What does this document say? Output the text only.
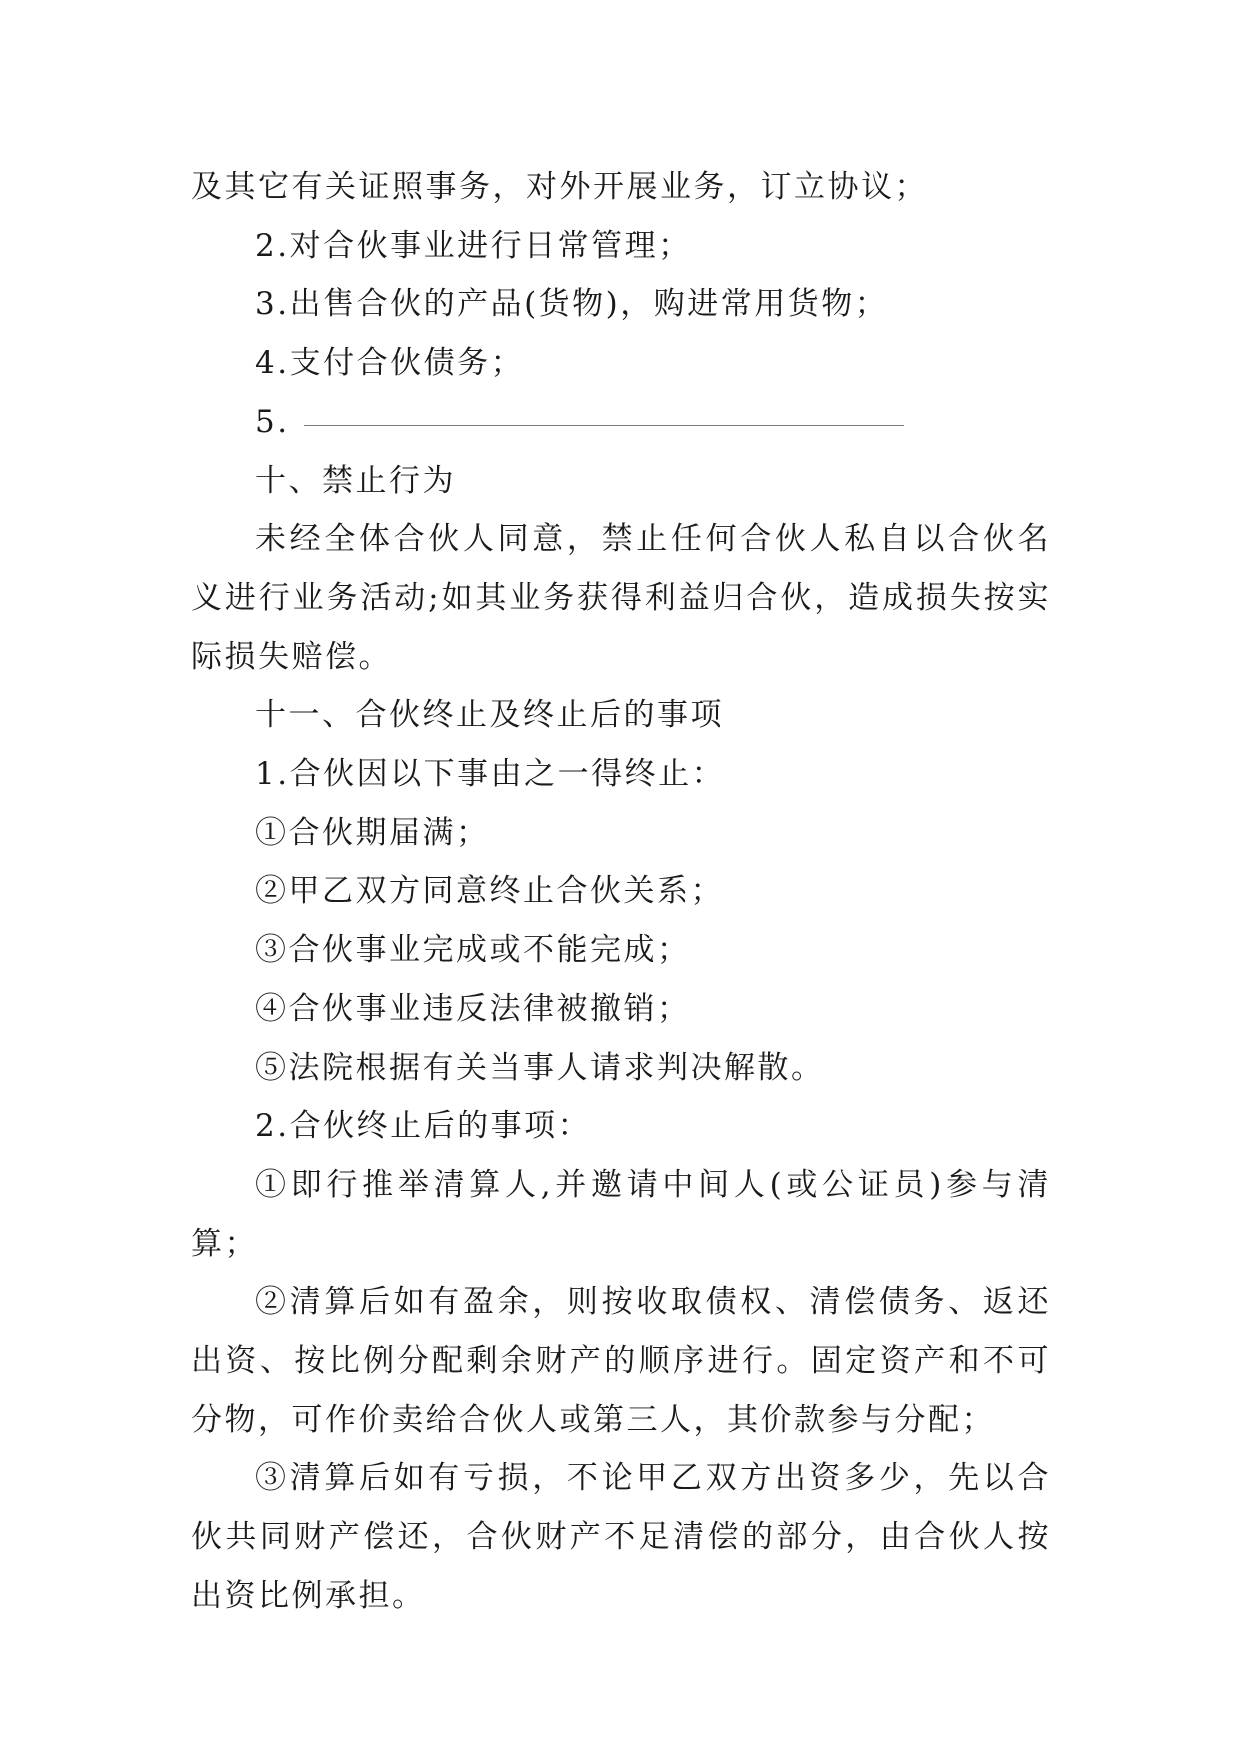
及其它有关证照事务，对外开展业务，订立协议；

2.对合伙事业进行日常管理；

3.出售合伙的产品(货物)，购进常用货物；

4.支付合伙债务；

5.

十、禁止行为

未经全体合伙人同意，禁止任何合伙人私自以合伙名义进行业务活动;如其业务获得利益归合伙，造成损失按实际损失赔偿。

十一、合伙终止及终止后的事项

1.合伙因以下事由之一得终止：

①合伙期届满；

②甲乙双方同意终止合伙关系；

③合伙事业完成或不能完成；

④合伙事业违反法律被撤销；

⑤法院根据有关当事人请求判决解散。

2.合伙终止后的事项：

①即行推举清算人,并邀请中间人(或公证员)参与清算；

②清算后如有盈余，则按收取债权、清偿债务、返还出资、按比例分配剩余财产的顺序进行。固定资产和不可分物，可作价卖给合伙人或第三人，其价款参与分配；

③清算后如有亏损，不论甲乙双方出资多少，先以合伙共同财产偿还，合伙财产不足清偿的部分，由合伙人按出资比例承担。
